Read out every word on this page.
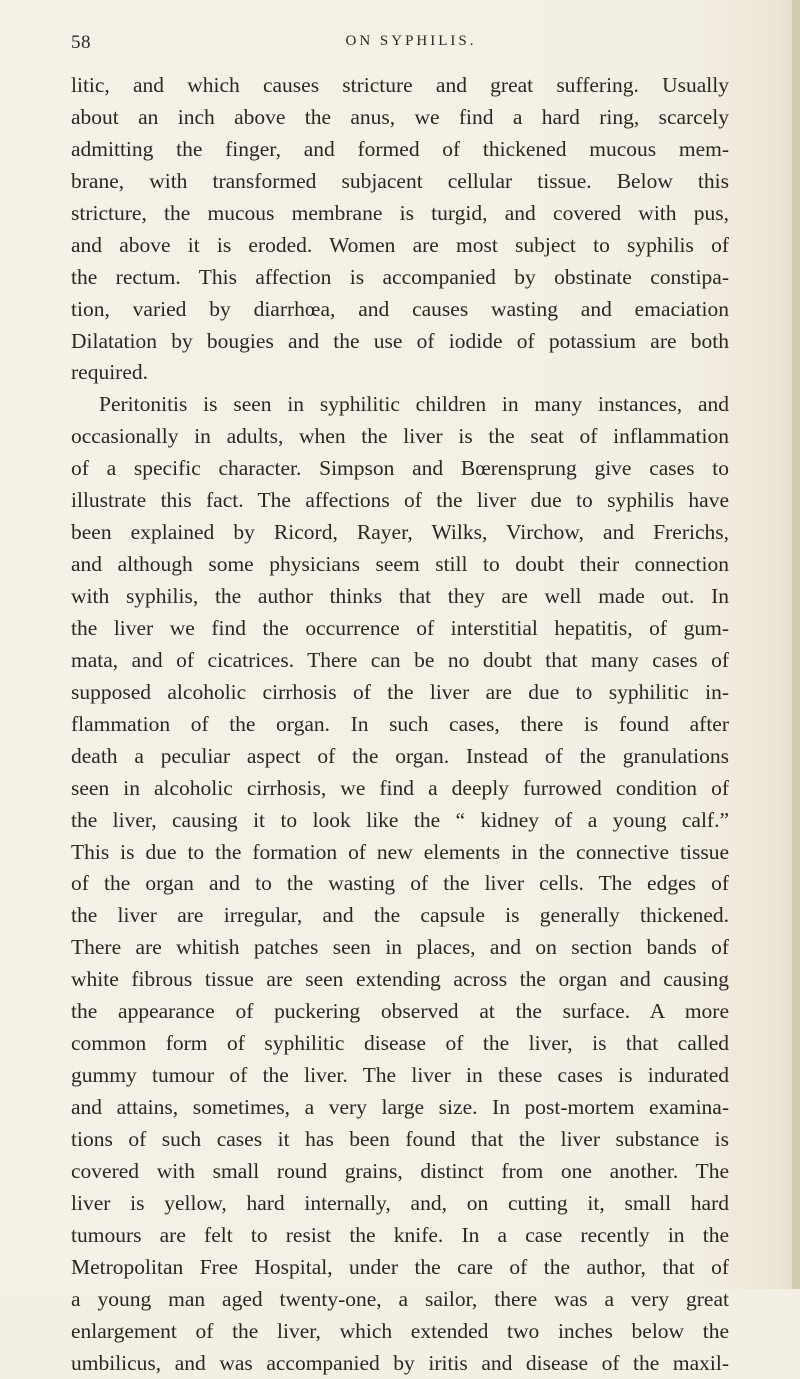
58	ON SYPHILIS.
litic, and which causes stricture and great suffering. Usually
about an inch above the anus, we find a hard ring, scarcely
admitting the finger, and formed of thickened mucous mem-
brane, with transformed subjacent cellular tissue. Below this
stricture, the mucous membrane is turgid, and covered with pus,
and above it is eroded. Women are most subject to syphilis of
the rectum. This affection is accompanied by obstinate constipa-
tion, varied by diarrhœa, and causes wasting and emaciation
Dilatation by bougies and the use of iodide of potassium are both
required.
Peritonitis is seen in syphilitic children in many instances, and
occasionally in adults, when the liver is the seat of inflammation
of a specific character. Simpson and Bœrensprung give cases to
illustrate this fact. The affections of the liver due to syphilis have
been explained by Ricord, Rayer, Wilks, Virchow, and Frerichs,
and although some physicians seem still to doubt their connection
with syphilis, the author thinks that they are well made out. In
the liver we find the occurrence of interstitial hepatitis, of gum-
mata, and of cicatrices. There can be no doubt that many cases of
supposed alcoholic cirrhosis of the liver are due to syphilitic in-
flammation of the organ. In such cases, there is found after
death a peculiar aspect of the organ. Instead of the granulations
seen in alcoholic cirrhosis, we find a deeply furrowed condition of
the liver, causing it to look like the “ kidney of a young calf.”
This is due to the formation of new elements in the connective tissue
of the organ and to the wasting of the liver cells. The edges of
the liver are irregular, and the capsule is generally thickened.
There are whitish patches seen in places, and on section bands of
white fibrous tissue are seen extending across the organ and causing
the appearance of puckering observed at the surface. A more
common form of syphilitic disease of the liver, is that called
gummy tumour of the liver. The liver in these cases is indurated
and attains, sometimes, a very large size. In post-mortem examina-
tions of such cases it has been found that the liver substance is
covered with small round grains, distinct from one another. The
liver is yellow, hard internally, and, on cutting it, small hard
tumours are felt to resist the knife. In a case recently in the
Metropolitan Free Hospital, under the care of the author, that of
a young man aged twenty-one, a sailor, there was a very great
enlargement of the liver, which extended two inches below the
umbilicus, and was accompanied by iritis and disease of the maxil-
